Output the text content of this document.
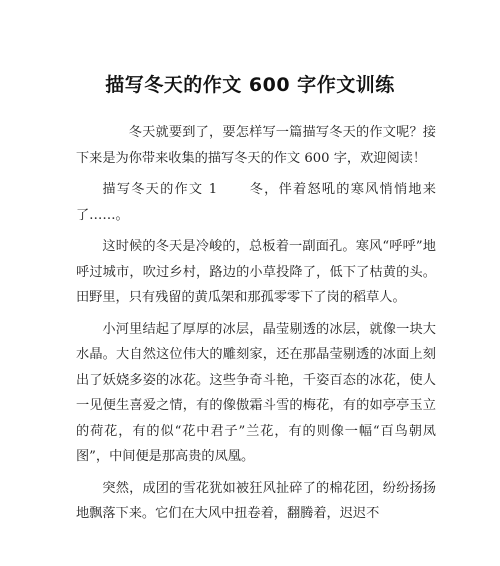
描写冬天的作文 600 字作文训练

冬天就要到了，要怎样写一篇描写冬天的作文呢？接下来是为你带来收集的描写冬天的作文 600 字，欢迎阅读！

描写冬天的作文 1      冬，伴着怒吼的寒风悄悄地来了……。

这时候的冬天是冷峻的，总板着一副面孔。寒风“呼呼”地呼过城市，吹过乡村，路边的小草投降了，低下了枯黄的头。田野里，只有残留的黄瓜架和那孤零零下了岗的稻草人。

小河里结起了厚厚的冰层，晶莹剔透的冰层，就像一块大水晶。大自然这位伟大的雕刻家，还在那晶莹剔透的冰面上刻出了妖娆多姿的冰花。这些争奇斗艳，千姿百态的冰花，使人一见便生喜爱之情，有的像傲霜斗雪的梅花，有的如亭亭玉立的荷花，有的似“花中君子”兰花，有的则像一幅“百鸟朝凤图”，中间便是那高贵的凤凰。

突然，成团的雪花犹如被狂风扯碎了的棉花团，纷纷扬扬地飘落下来。它们在大风中扭卷着，翻腾着，迟迟不
